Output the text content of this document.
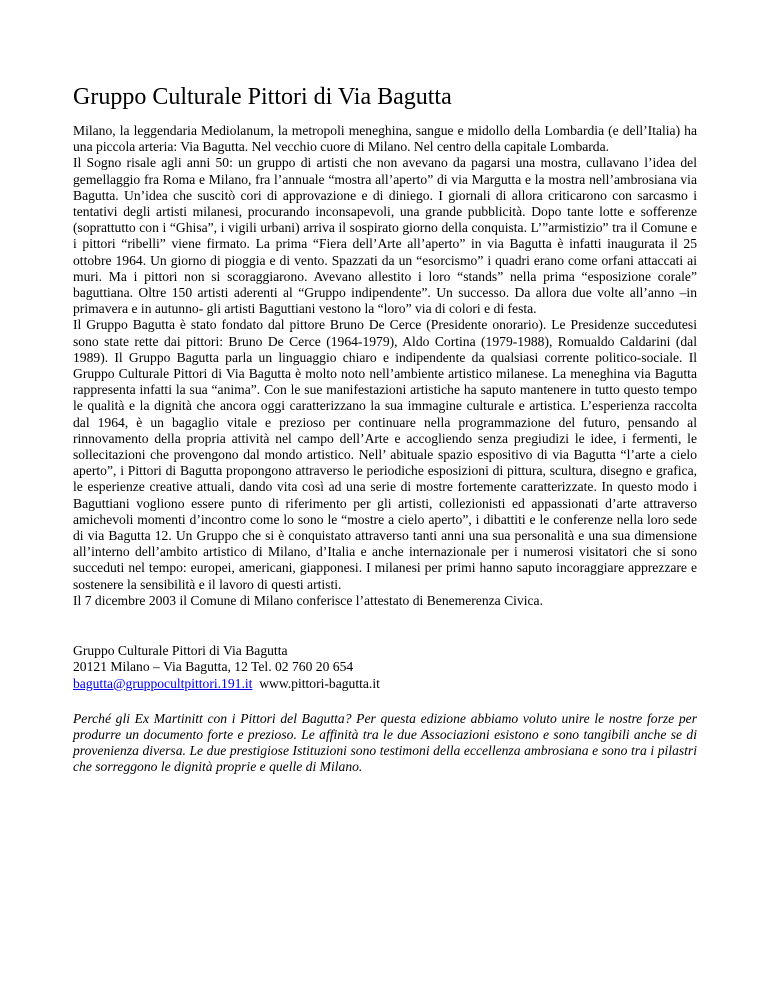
Gruppo Culturale Pittori di Via Bagutta

Milano, la leggendaria Mediolanum, la metropoli meneghina, sangue e midollo della Lombardia (e dell’Italia) ha una piccola arteria: Via Bagutta. Nel vecchio cuore di Milano. Nel centro della capitale Lombarda.

Il Sogno risale agli anni 50: un gruppo di artisti che non avevano da pagarsi una mostra, cullavano l’idea del gemellaggio fra Roma e Milano, fra l’annuale “mostra all’aperto” di via Margutta e la mostra nell’ambrosiana via Bagutta. Un’idea che suscitò cori di approvazione e di diniego. I giornali di allora criticarono con sarcasmo i tentativi degli artisti milanesi, procurando inconsapevoli, una grande pubblicità. Dopo tante lotte e sofferenze (soprattutto con i “Ghisa”, i vigili urbani) arriva il sospirato giorno della conquista. L’”armistizio” tra il Comune e i pittori “ribelli” viene firmato. La prima “Fiera dell’Arte all’aperto” in via Bagutta è infatti inaugurata il 25 ottobre 1964. Un giorno di pioggia e di vento. Spazzati da un “esorcismo” i quadri erano come orfani attaccati ai muri. Ma i pittori non si scoraggiarono. Avevano allestito i loro “stands” nella prima “esposizione corale” baguttiana. Oltre 150 artisti aderenti al “Gruppo indipendente”. Un successo. Da allora due volte all’anno –in primavera e in autunno- gli artisti Baguttiani vestono la “loro” via di colori e di festa.

Il Gruppo Bagutta è stato fondato dal pittore Bruno De Cerce (Presidente onorario). Le Presidenze succedutesi sono state rette dai pittori: Bruno De Cerce (1964-1979), Aldo Cortina (1979-1988), Romualdo Caldarini (dal 1989). Il Gruppo Bagutta parla un linguaggio chiaro e indipendente da qualsiasi corrente politico-sociale. Il Gruppo Culturale Pittori di Via Bagutta è molto noto nell’ambiente artistico milanese. La meneghina via Bagutta rappresenta infatti la sua “anima”. Con le sue manifestazioni artistiche ha saputo mantenere in tutto questo tempo le qualità e la dignità che ancora oggi caratterizzano la sua immagine culturale e artistica. L’esperienza raccolta dal 1964, è un bagaglio vitale e prezioso per continuare nella programmazione del futuro, pensando al rinnovamento della propria attività nel campo dell’Arte e accogliendo senza pregiudizi le idee, i fermenti, le sollecitazioni che provengono dal mondo artistico. Nell’ abituale spazio espositivo di via Bagutta “l’arte a cielo aperto”, i Pittori di Bagutta propongono attraverso le periodiche esposizioni di pittura, scultura, disegno e grafica, le esperienze creative attuali, dando vita così ad una serie di mostre fortemente caratterizzate. In questo modo i Baguttiani vogliono essere punto di riferimento per gli artisti, collezionisti ed appassionati d’arte attraverso amichevoli momenti d’incontro come lo sono le “mostre a cielo aperto”, i dibattiti e le conferenze nella loro sede di via Bagutta 12. Un Gruppo che si è conquistato attraverso tanti anni una sua personalità e una sua dimensione all’interno dell’ambito artistico di Milano, d’Italia e anche internazionale per i numerosi visitatori che si sono succeduti nel tempo: europei, americani, giapponesi. I milanesi per primi hanno saputo incoraggiare apprezzare e sostenere la sensibilità e il lavoro di questi artisti.

Il 7 dicembre 2003 il Comune di Milano conferisce l’attestato di Benemerenza Civica.

Gruppo Culturale Pittori di Via Bagutta
20121 Milano – Via Bagutta, 12 Tel. 02 760 20 654
bagutta@gruppocultpittori.191.it www.pittori-bagutta.it

Perché gli Ex Martinitt con i Pittori del Bagutta? Per questa edizione abbiamo voluto unire le nostre forze per produrre un documento forte e prezioso. Le affinità tra le due Associazioni esistono e sono tangibili anche se di provenienza diversa. Le due prestigiose Istituzioni sono testimoni della eccellenza ambrosiana e sono tra i pilastri che sorreggono le dignità proprie e quelle di Milano.
